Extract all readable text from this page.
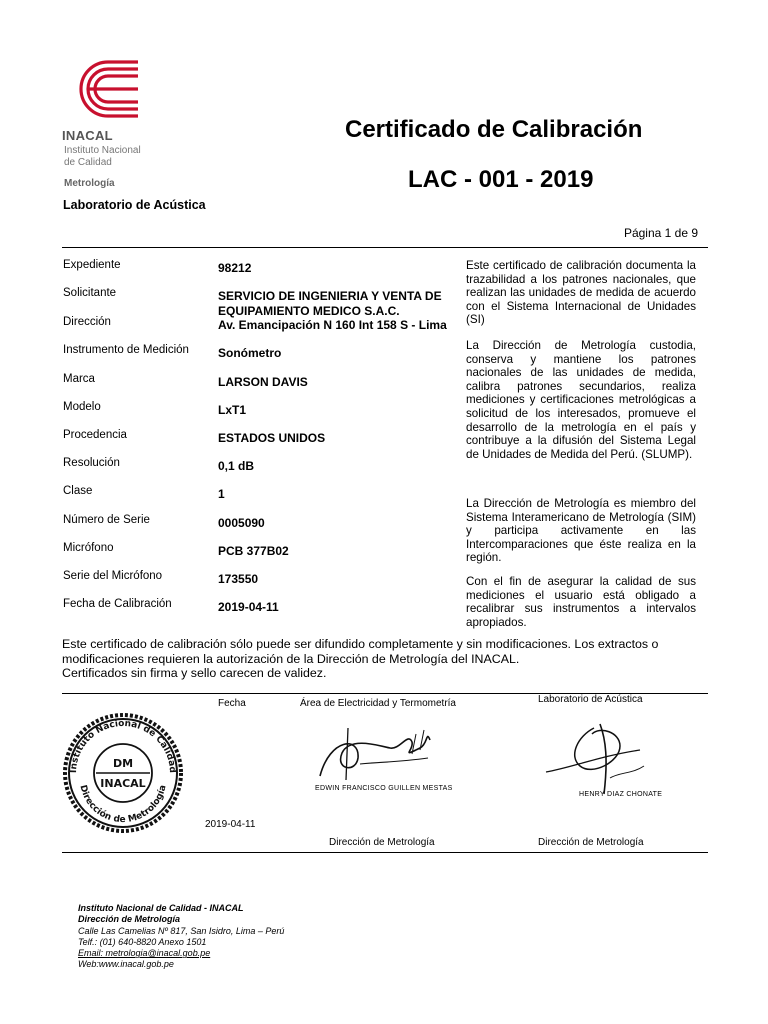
INACAL
Instituto Nacional
de Calidad
Metrología
Certificado de Calibración
LAC - 001 - 2019
Laboratorio de Acústica
Página 1 de 9
Expediente	98212
Solicitante	SERVICIO DE INGENIERIA Y VENTA DE EQUIPAMIENTO MEDICO S.A.C.
Dirección	Av. Emancipación N 160 Int 158 S - Lima
Instrumento de Medición Sonómetro
Marca	LARSON DAVIS
Modelo	LxT1
Procedencia	ESTADOS UNIDOS
Resolución	0,1 dB
Clase	1
Número de Serie	0005090
Micrófono	PCB 377B02
Serie del Micrófono	173550
Fecha de Calibración	2019-04-11
Este certificado de calibración documenta la trazabilidad a los patrones nacionales, que realizan las unidades de medida de acuerdo con el Sistema Internacional de Unidades (SI)
La Dirección de Metrología custodia, conserva y mantiene los patrones nacionales de las unidades de medida, calibra patrones secundarios, realiza mediciones y certificaciones metrológicas a solicitud de los interesados, promueve el desarrollo de la metrología en el país y contribuye a la difusión del Sistema Legal de Unidades de Medida del Perú. (SLUMP).
La Dirección de Metrología es miembro del Sistema Interamericano de Metrología (SIM) y participa activamente en las Intercomparaciones que éste realiza en la región.
Con el fin de asegurar la calidad de sus mediciones el usuario está obligado a recalibrar sus instrumentos a intervalos apropiados.
Este certificado de calibración sólo puede ser difundido completamente y sin modificaciones. Los extractos o modificaciones requieren la autorización de la Dirección de Metrología del INACAL.
Certificados sin firma y sello carecen de validez.
Fecha	Área de Electricidad y Termometría	Laboratorio de Acústica
Instituto Nacional de Calidad
Dirección de Metrología
DM
INACAL	EDWIN FRANCISCO GUILLEN MESTAS
HENRY DIAZ CHONATE
2019-04-11
Dirección de Metrología	Dirección de Metrología
Instituto Nacional de Calidad - INACAL
Dirección de Metrología
Calle Las Camelias Nº 817, San Isidro, Lima – Perú
Telf.: (01) 640-8820 Anexo 1501
Email: metrologia@inacal.gob.pe
Web:www.inacal.gob.pe
